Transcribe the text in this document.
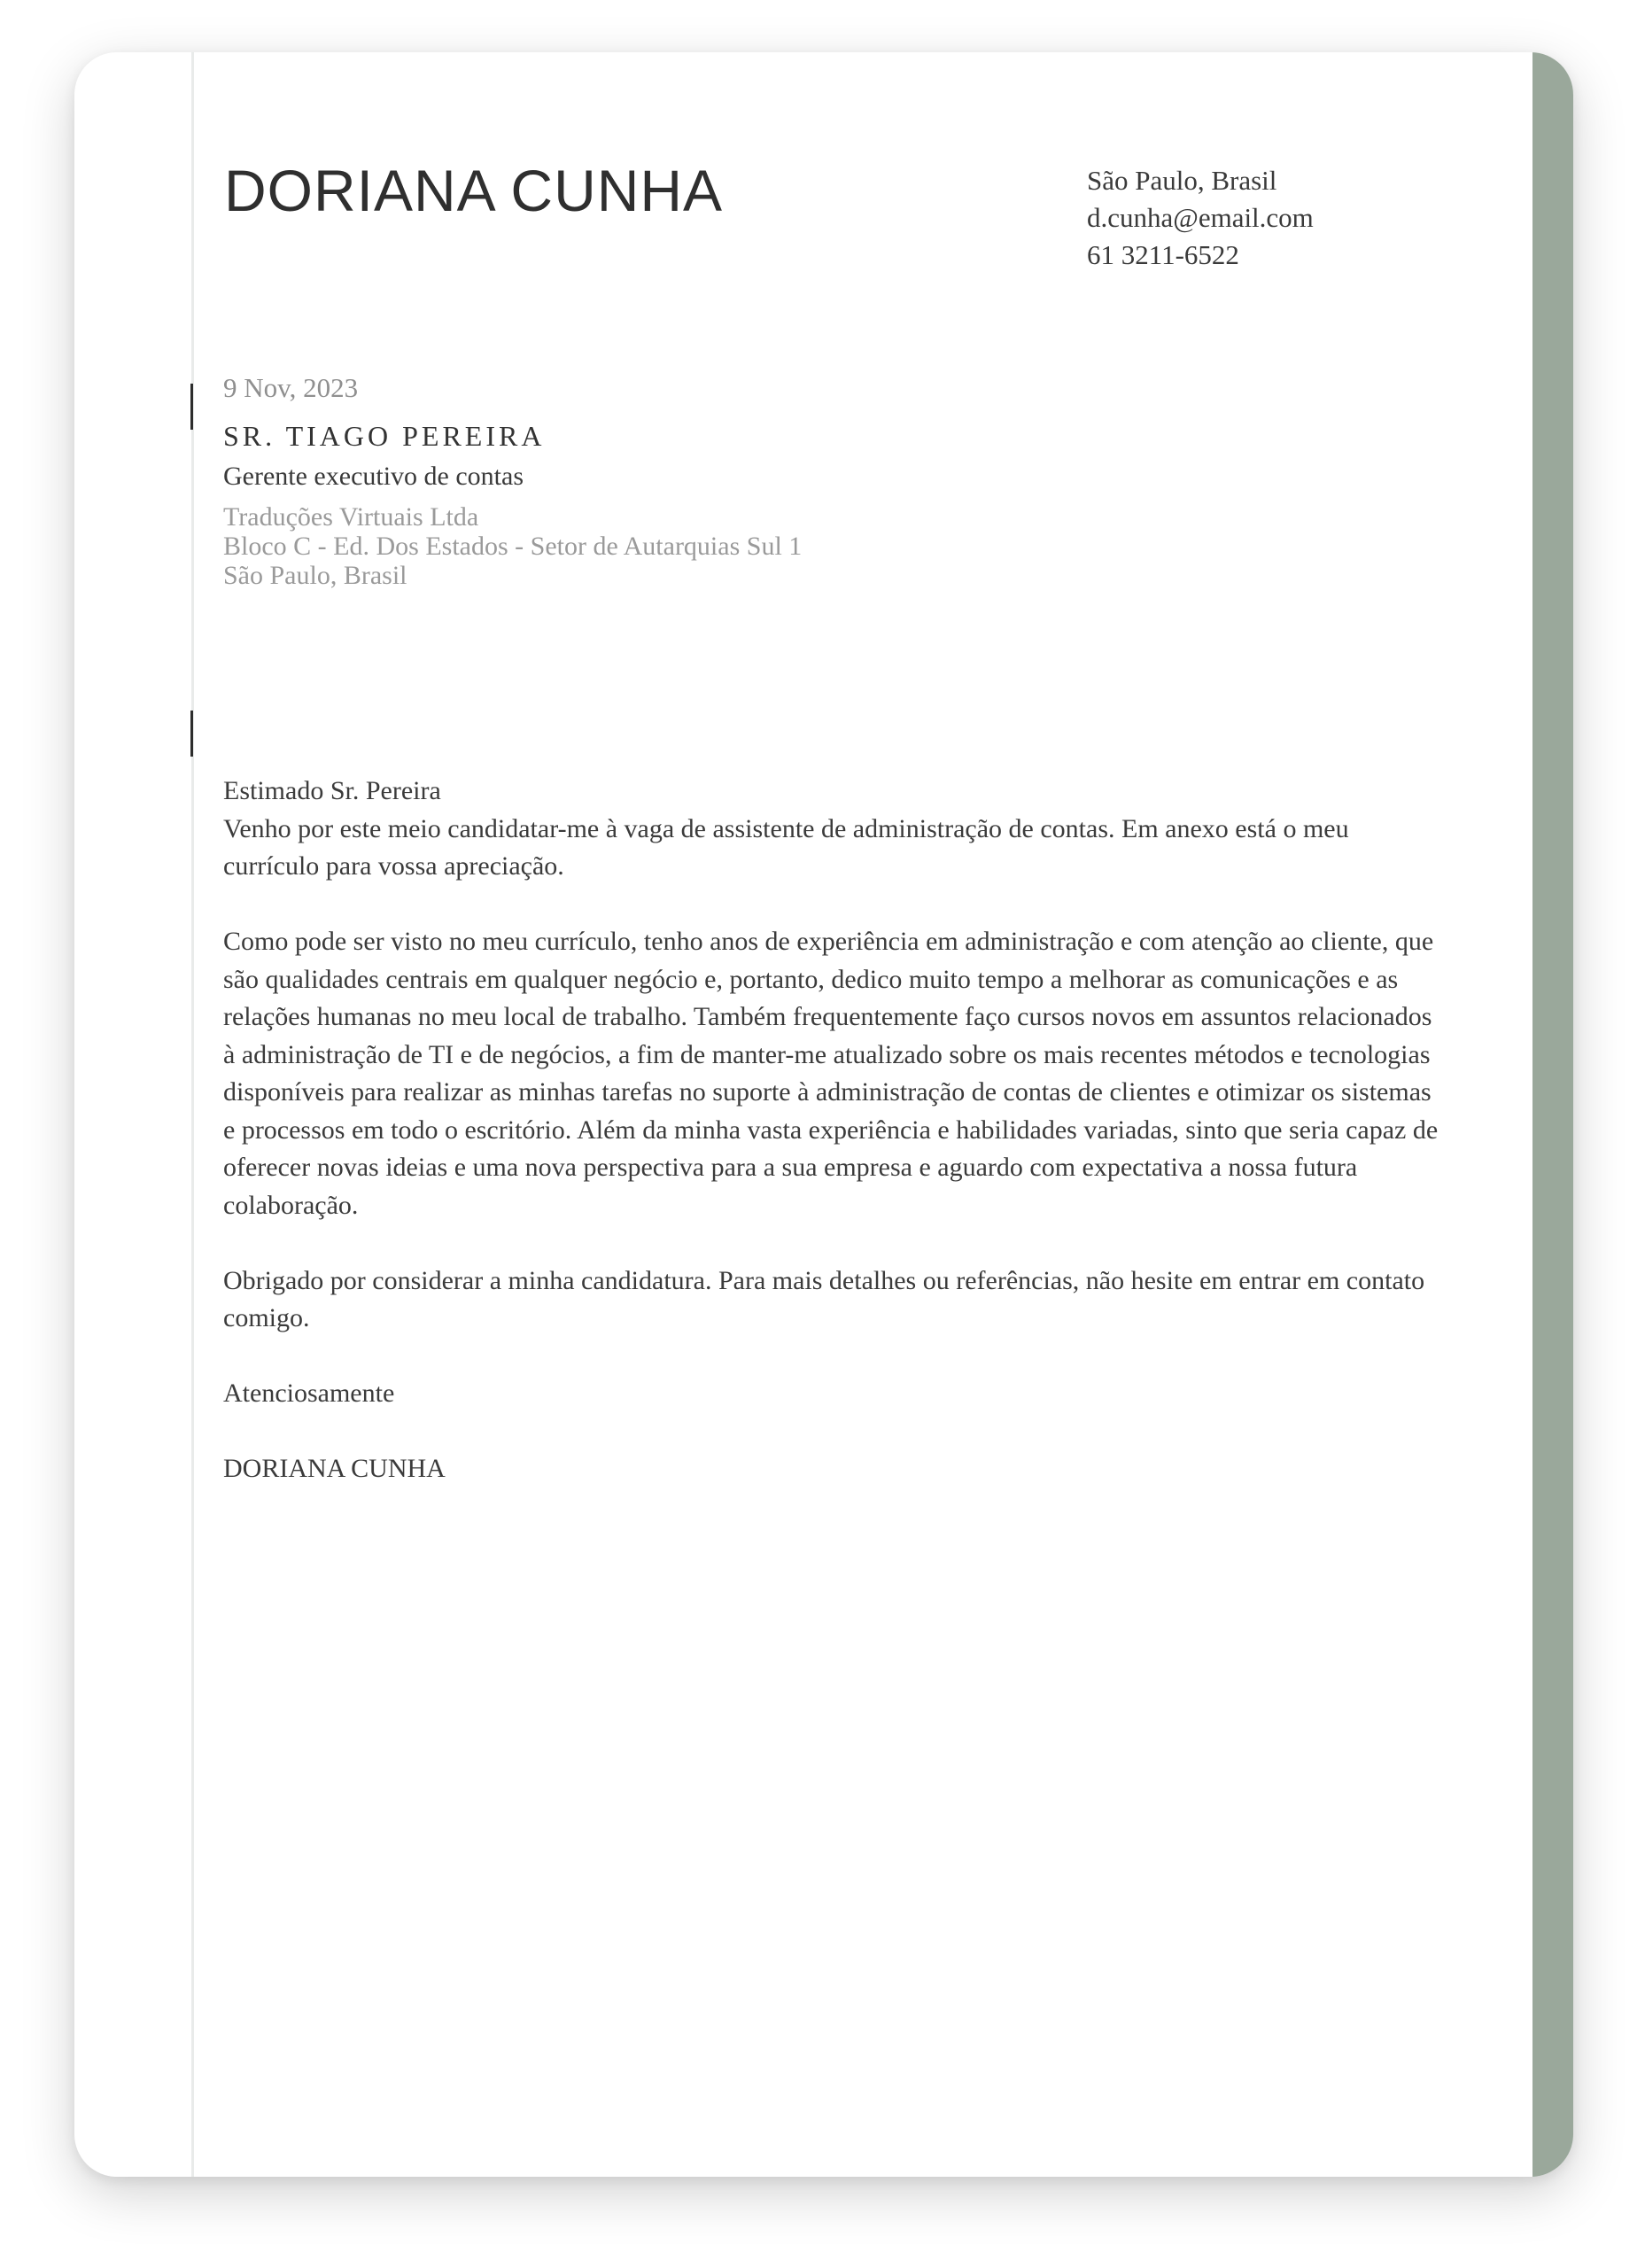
DORIANA CUNHA	São Paulo, Brasil
d.cunha@email.com
61 3211-6522
9 Nov, 2023
SR. TIAGO PEREIRA
Gerente executivo de contas
Traduções Virtuais Ltda
Bloco C - Ed. Dos Estados - Setor de Autarquias Sul 1
São Paulo, Brasil

Estimado Sr. Pereira

Venho por este meio candidatar-me à vaga de assistente de administração de contas. Em anexo está o meu currículo para vossa apreciação.

Como pode ser visto no meu currículo, tenho anos de experiência em administração e com atenção ao cliente, que são qualidades centrais em qualquer negócio e, portanto, dedico muito tempo a melhorar as comunicações e as relações humanas no meu local de trabalho. Também frequentemente faço cursos novos em assuntos relacionados à administração de TI e de negócios, a fim de manter-me atualizado sobre os mais recentes métodos e tecnologias disponíveis para realizar as minhas tarefas no suporte à administração de contas de clientes e otimizar os sistemas e processos em todo o escritório. Além da minha vasta experiência e habilidades variadas, sinto que seria capaz de oferecer novas ideias e uma nova perspectiva para a sua empresa e aguardo com expectativa a nossa futura colaboração.

Obrigado por considerar a minha candidatura. Para mais detalhes ou referências, não hesite em entrar em contato comigo.

Atenciosamente

DORIANA CUNHA
